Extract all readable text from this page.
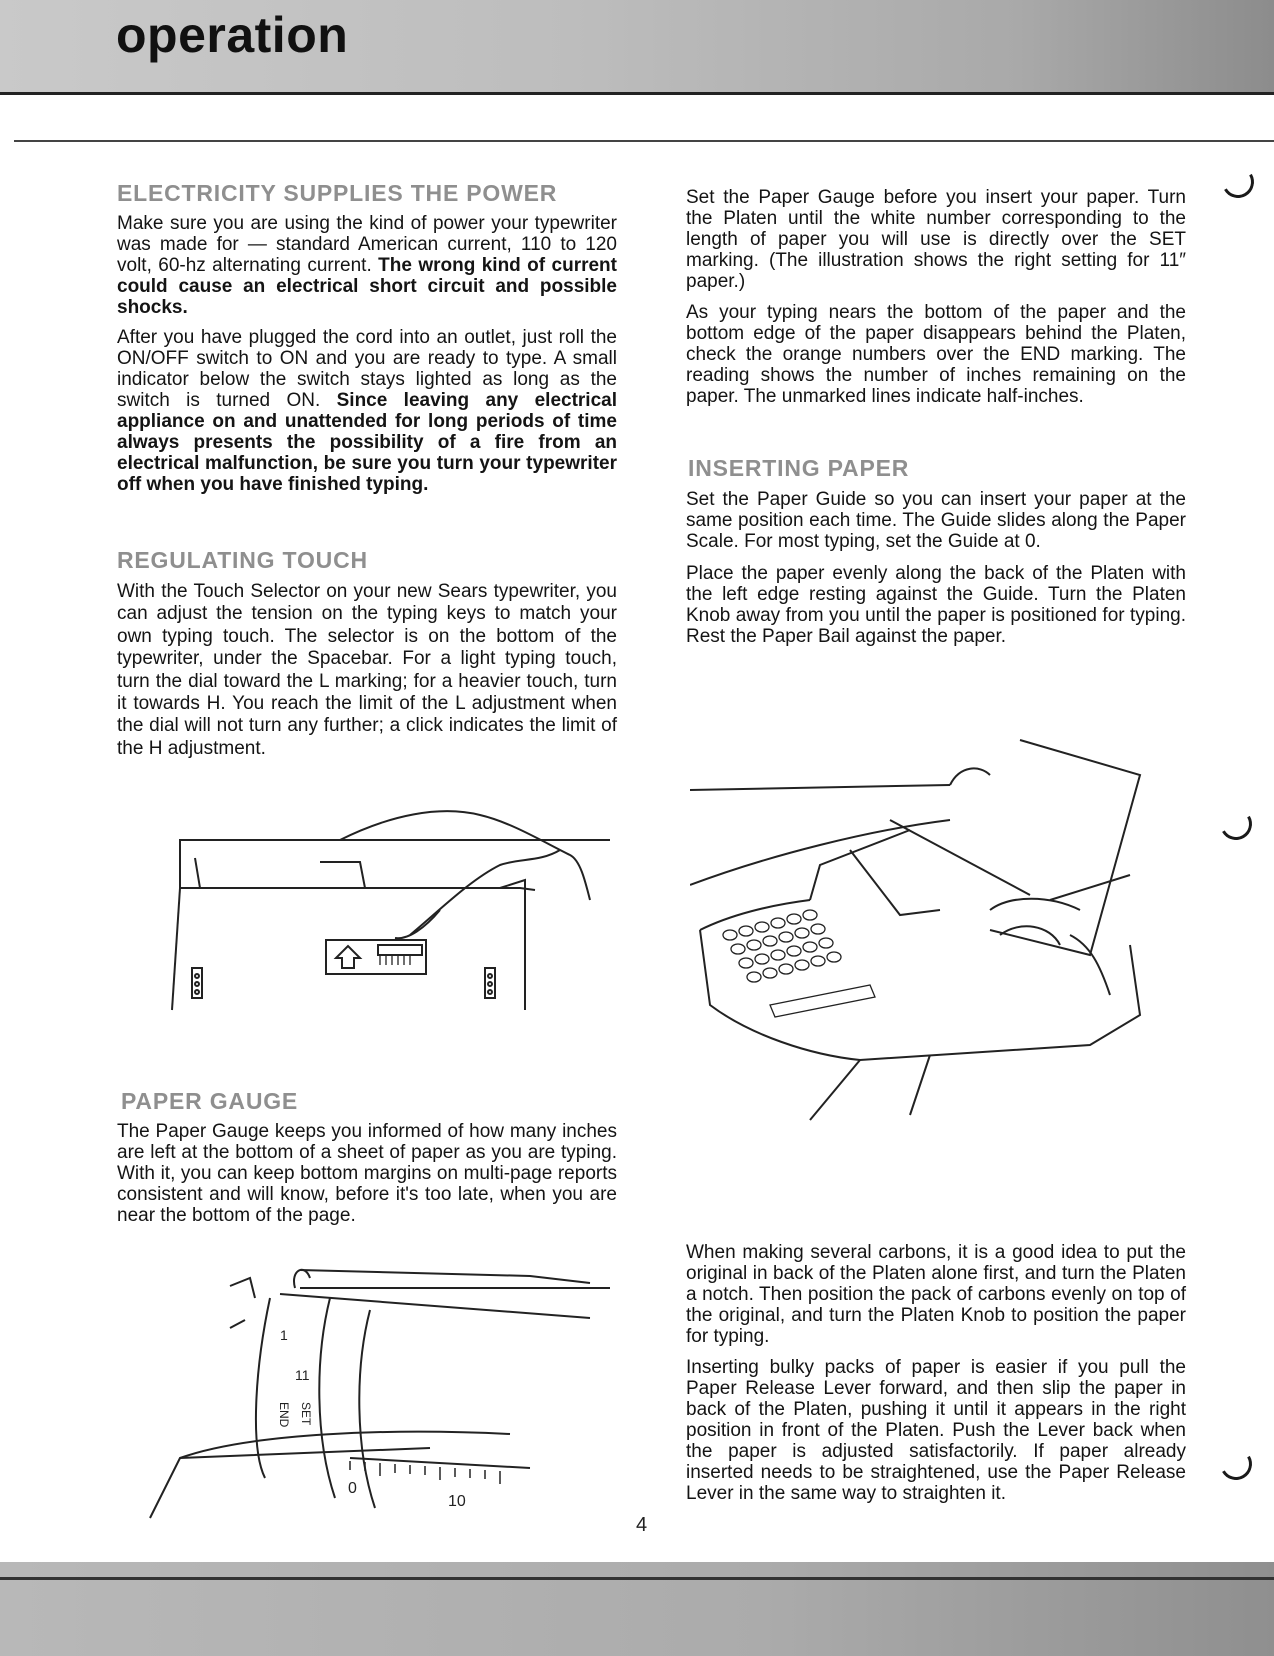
operation
ELECTRICITY SUPPLIES THE POWER

Make sure you are using the kind of power your typewriter was made for — standard American current, 110 to 120 volt, 60-hz alternating current. The wrong kind of current could cause an electrical short circuit and possible shocks.

After you have plugged the cord into an outlet, just roll the ON/OFF switch to ON and you are ready to type. A small indicator below the switch stays lighted as long as the switch is turned ON. Since leaving any electrical appliance on and unattended for long periods of time always presents the possibility of a fire from an electrical malfunction, be sure you turn your typewriter off when you have finished typing.

REGULATING TOUCH

With the Touch Selector on your new Sears typewriter, you can adjust the tension on the typing keys to match your own typing touch. The selector is on the bottom of the typewriter, under the Spacebar. For a light typing touch, turn the dial toward the L marking; for a heavier touch, turn it towards H. You reach the limit of the L adjustment when the dial will not turn any further; a click indicates the limit of the H adjustment.

PAPER GAUGE

The Paper Gauge keeps you informed of how many inches are left at the bottom of a sheet of paper as you are typing. With it, you can keep bottom margins on multi-page reports consistent and will know, before it's too late, when you are near the bottom of the page.

1
11
END SET
0
10

Set the Paper Gauge before you insert your paper. Turn the Platen until the white number corresponding to the length of paper you will use is directly over the SET marking. (The illustration shows the right setting for 11″ paper.)

As your typing nears the bottom of the paper and the bottom edge of the paper disappears behind the Platen, check the orange numbers over the END marking. The reading shows the number of inches remaining on the paper. The unmarked lines indicate half-inches.

INSERTING PAPER

Set the Paper Guide so you can insert your paper at the same position each time. The Guide slides along the Paper Scale. For most typing, set the Guide at 0.

Place the paper evenly along the back of the Platen with the left edge resting against the Guide. Turn the Platen Knob away from you until the paper is positioned for typing. Rest the Paper Bail against the paper.

When making several carbons, it is a good idea to put the original in back of the Platen alone first, and turn the Platen a notch. Then position the pack of carbons evenly on top of the original, and turn the Platen Knob to position the paper for typing.

Inserting bulky packs of paper is easier if you pull the Paper Release Lever forward, and then slip the paper in back of the Platen, pushing it until it appears in the right position in front of the Platen. Push the Lever back when the paper is adjusted satisfactorily. If paper already inserted needs to be straightened, use the Paper Release Lever in the same way to straighten it.

4
